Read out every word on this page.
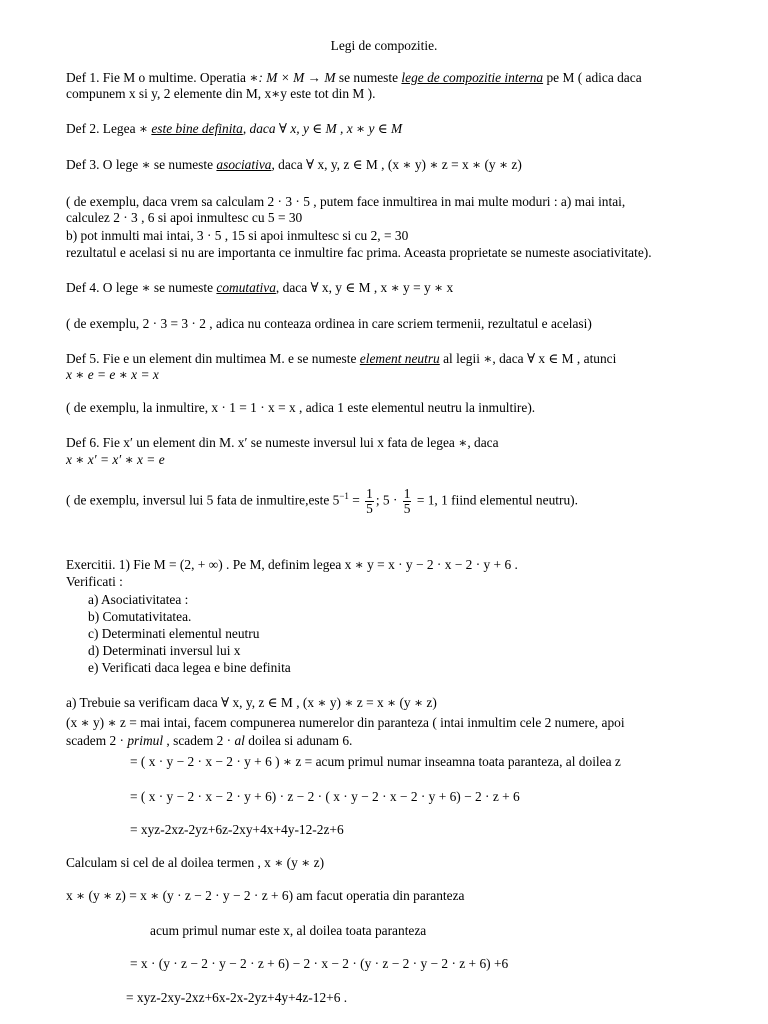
Legi de compozitie.
Def 1. Fie M o multime. Operatia ∗: M × M → M se numeste lege de compozitie interna pe M ( adica daca
compunem x si y, 2 elemente din M, x∗y este tot din M ).
Def 2. Legea ∗ este bine definita, daca ∀ x, y ∈ M , x ∗ y ∈ M
Def 3. O lege ∗ se numeste asociativa, daca ∀ x, y, z ∈ M , (x ∗ y) ∗ z = x ∗ (y ∗ z)
( de exemplu, daca vrem sa calculam 2 · 3 · 5 , putem face inmultirea in mai multe moduri : a) mai intai,
calculez 2 · 3 , 6 si apoi inmultesc cu 5 = 30
b) pot inmulti mai intai, 3 · 5 , 15 si apoi inmultesc si cu 2, = 30
rezultatul e acelasi si nu are importanta ce inmultire fac prima. Aceasta proprietate se numeste asociativitate).
Def 4. O lege ∗ se numeste comutativa, daca ∀ x, y ∈ M , x ∗ y = y ∗ x
( de exemplu, 2 · 3 = 3 · 2 , adica nu conteaza ordinea in care scriem termenii, rezultatul e acelasi)
Def 5. Fie e un element din multimea M. e se numeste element neutru al legii ∗, daca ∀ x ∈ M , atunci
x ∗ e = e ∗ x = x
( de exemplu, la inmultire, x · 1 = 1 · x = x , adica 1 este elementul neutru la inmultire).
Def 6. Fie x′ un element din M. x′ se numeste inversul lui x fata de legea ∗, daca
x ∗ x′ = x′ ∗ x = e
( de exemplu, inversul lui 5 fata de inmultire,este $5^{-1} = \frac{1}{5}$ ; $5 \cdot \frac{1}{5} = 1$, 1 fiind elementul neutru).
Exercitii. 1) Fie M = (2, + ∞) . Pe M, definim legea x ∗ y = x · y − 2 · x − 2 · y + 6 .
Verificati :
a) Asociativitatea :
b) Comutativitatea.
c) Determinati elementul neutru
d) Determinati inversul lui x
e) Verificati daca legea e bine definita
a) Trebuie sa verificam daca ∀ x, y, z ∈ M , (x ∗ y) ∗ z = x ∗ (y ∗ z)
(x ∗ y) ∗ z = mai intai, facem compunerea numerelor din paranteza ( intai inmultim cele 2 numere, apoi
scadem 2 · primul , scadem 2 · al doilea si adunam 6.
= ( x · y − 2 · x − 2 · y + 6 ) ∗ z = acum primul numar inseamna toata paranteza, al doilea z
= ( x · y − 2 · x − 2 · y + 6) · z − 2 · ( x · y − 2 · x − 2 · y + 6) − 2 · z + 6
= xyz-2xz-2yz+6z-2xy+4x+4y-12-2z+6
Calculam si cel de al doilea termen , x ∗ (y ∗ z)
x ∗ (y ∗ z) = x ∗ (y · z − 2 · y − 2 · z + 6) am facut operatia din paranteza
acum primul numar este x, al doilea toata paranteza
= x · (y · z − 2 · y − 2 · z + 6) − 2 · x − 2 · (y · z − 2 · y − 2 · z + 6) +6
= xyz-2xy-2xz+6x-2x-2yz+4y+4z-12+6 .
